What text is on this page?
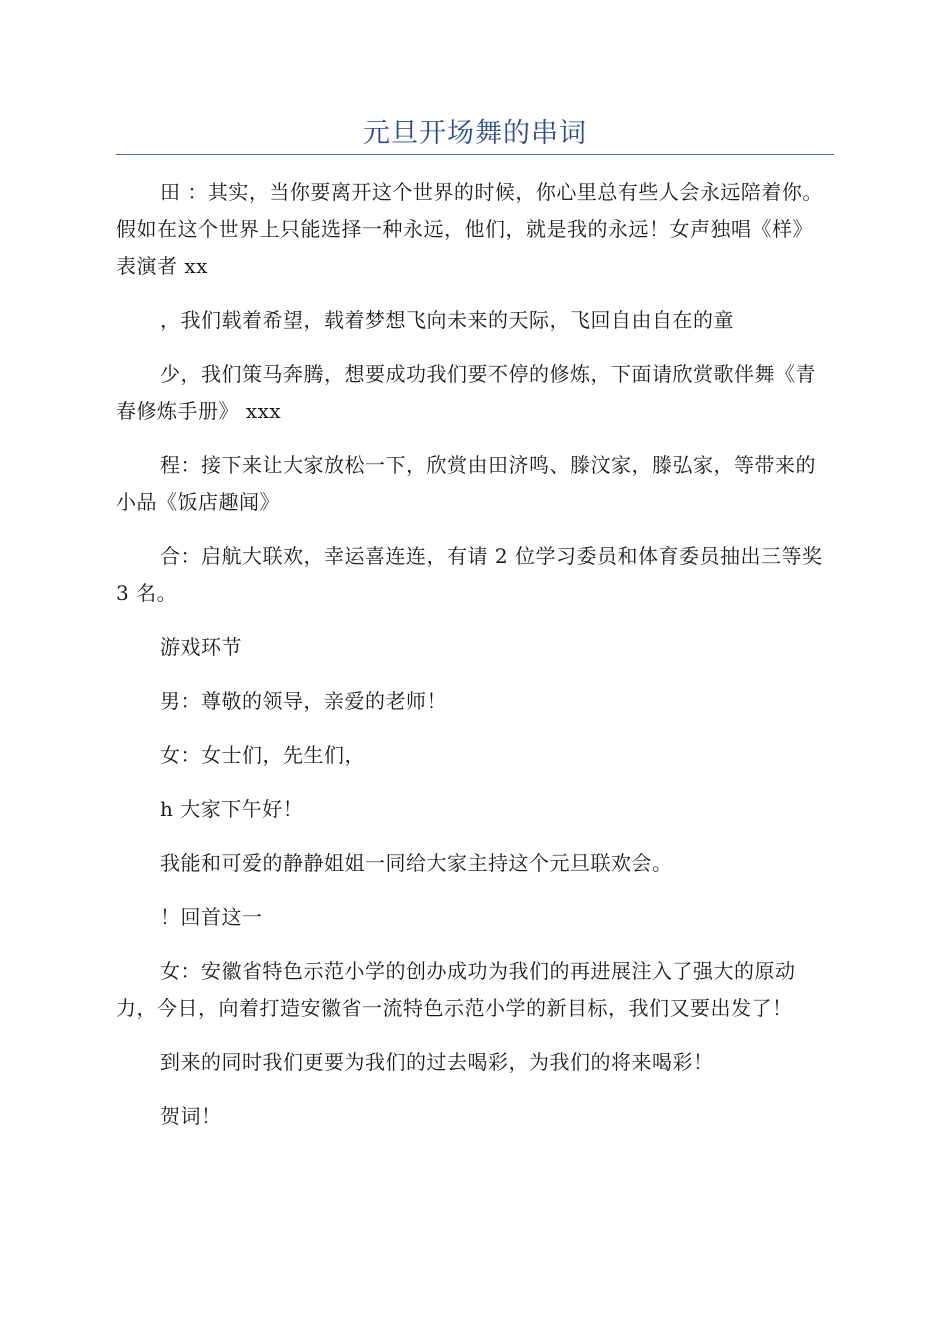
元旦开场舞的串词

田 ：其实，当你要离开这个世界的时候，你心里总有些人会永远陪着你。假如在这个世界上只能选择一种永远，他们，就是我的永远！女声独唱《样》表演者 xx

，我们载着希望，载着梦想飞向未来的天际，飞回自由自在的童

少，我们策马奔腾，想要成功我们要不停的修炼，下面请欣赏歌伴舞《青春修炼手册》 xxx

程：接下来让大家放松一下，欣赏由田济鸣、滕汶家，滕弘家，等带来的小品《饭店趣闻》

合：启航大联欢，幸运喜连连，有请 2 位学习委员和体育委员抽出三等奖 3 名。

游戏环节

男：尊敬的领导，亲爱的老师！

女：女士们，先生们，

h 大家下午好！

我能和可爱的静静姐姐一同给大家主持这个元旦联欢会。

！回首这一

女：安徽省特色示范小学的创办成功为我们的再进展注入了强大的原动力，今日，向着打造安徽省一流特色示范小学的新目标，我们又要出发了！

到来的同时我们更要为我们的过去喝彩，为我们的将来喝彩！

贺词！
